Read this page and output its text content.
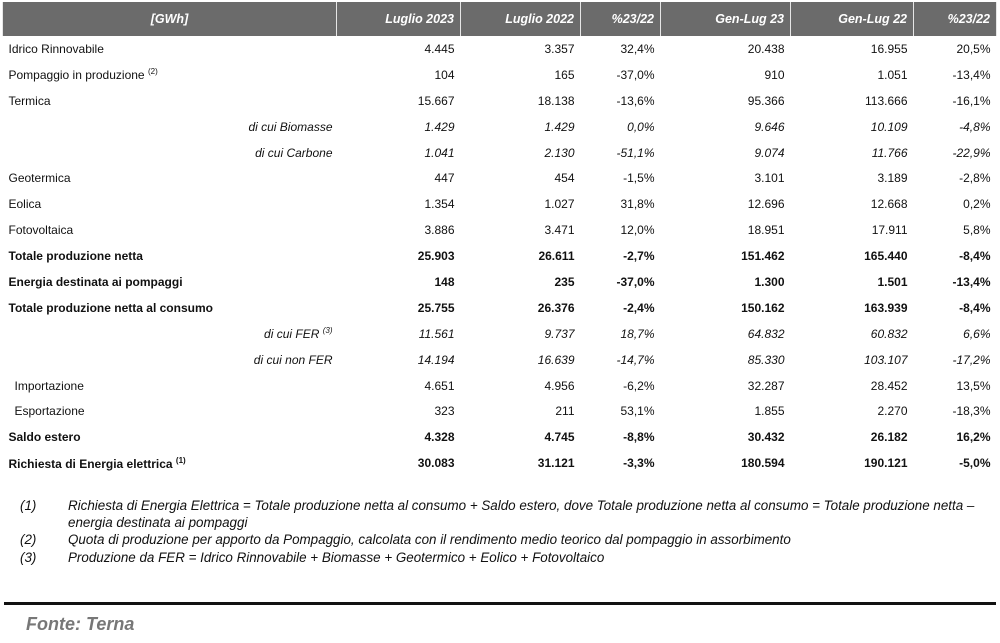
[GWh]	Luglio 2023	Luglio 2022	%23/22	Gen-Lug 23	Gen-Lug 22	%23/22
Idrico Rinnovabile	4.445	3.357	32,4%	20.438	16.955	20,5%
Pompaggio in produzione $^{(2)}$	104	165	-37,0%	910	1.051	-13,4%
Termica	15.667	18.138	-13,6%	95.366	113.666	-16,1%
di cui Biomasse	1.429	1.429	0,0%	9.646	10.109	-4,8%
di cui Carbone	1.041	2.130	-51,1%	9.074	11.766	-22,9%
Geotermica	447	454	-1,5%	3.101	3.189	-2,8%
Eolica	1.354	1.027	31,8%	12.696	12.668	0,2%
Fotovoltaica	3.886	3.471	12,0%	18.951	17.911	5,8%
Totale produzione netta	25.903	26.611	-2,7%	151.462	165.440	-8,4%
Energia destinata ai pompaggi	148	235	-37,0%	1.300	1.501	-13,4%
Totale produzione netta al consumo	25.755	26.376	-2,4%	150.162	163.939	-8,4%
di cui FER $^{(3)}$	11.561	9.737	18,7%	64.832	60.832	6,6%
di cui non FER	14.194	16.639	-14,7%	85.330	103.107	-17,2%
Importazione	4.651	4.956	-6,2%	32.287	28.452	13,5%
Esportazione	323	211	53,1%	1.855	2.270	-18,3%
Saldo estero	4.328	4.745	-8,8%	30.432	26.182	16,2%
Richiesta di Energia elettrica $^{(1)}$	30.083	31.121	-3,3%	180.594	190.121	-5,0%
(1)	Richiesta di Energia Elettrica = Totale produzione netta al consumo + Saldo estero, dove Totale produzione netta al consumo = Totale produzione netta – energia destinata ai pompaggi
(2)	Quota di produzione per apporto da Pompaggio, calcolata con il rendimento medio teorico dal pompaggio in assorbimento
(3)	Produzione da FER = Idrico Rinnovabile + Biomasse + Geotermico + Eolico + Fotovoltaico
Fonte: Terna
